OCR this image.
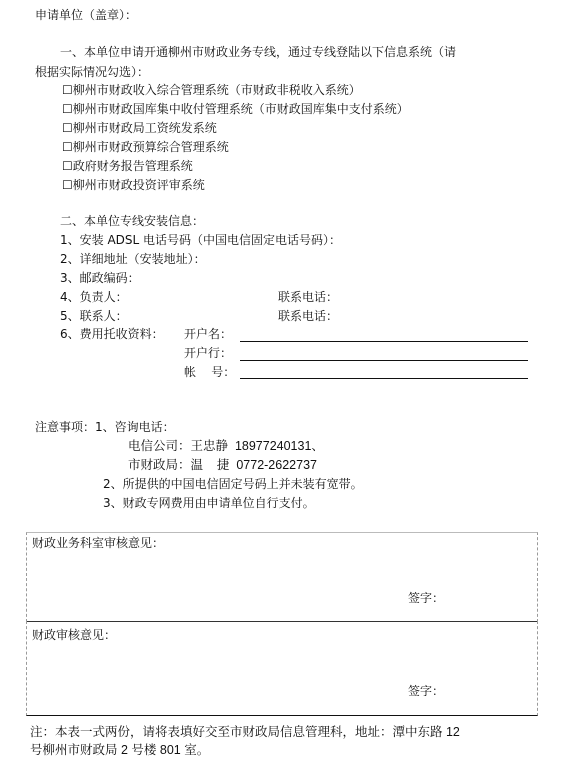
申请单位（盖章）：
一、本单位申请开通柳州市财政业务专线，通过专线登陆以下信息系统（请
根据实际情况勾选）：
☐柳州市财政收入综合管理系统（市财政非税收入系统）
☐柳州市财政国库集中收付管理系统（市财政国库集中支付系统）
☐柳州市财政局工资统发系统
☐柳州市财政预算综合管理系统
☐政府财务报告管理系统
☐柳州市财政投资评审系统
二、本单位专线安装信息：
1、安装 ADSL 电话号码（中国电信固定电话号码）：
2、详细地址（安装地址）：
3、邮政编码：
4、负责人：	联系电话：
5、联系人：	联系电话：
6、费用托收资料： 开户名：
开户行：
帐    号：
注意事项：1、咨询电话：
电信公司：王忠静  18977240131、
市财政局：温    捷  0772-2622737
2、所提供的中国电信固定号码上并未装有宽带。
3、财政专网费用由申请单位自行支付。
财政业务科室审核意见：
签字：
财政审核意见：
签字：
注：本表一式两份，请将表填好交至市财政局信息管理科，地址：潭中东路 12
号柳州市财政局 2 号楼 801 室。
